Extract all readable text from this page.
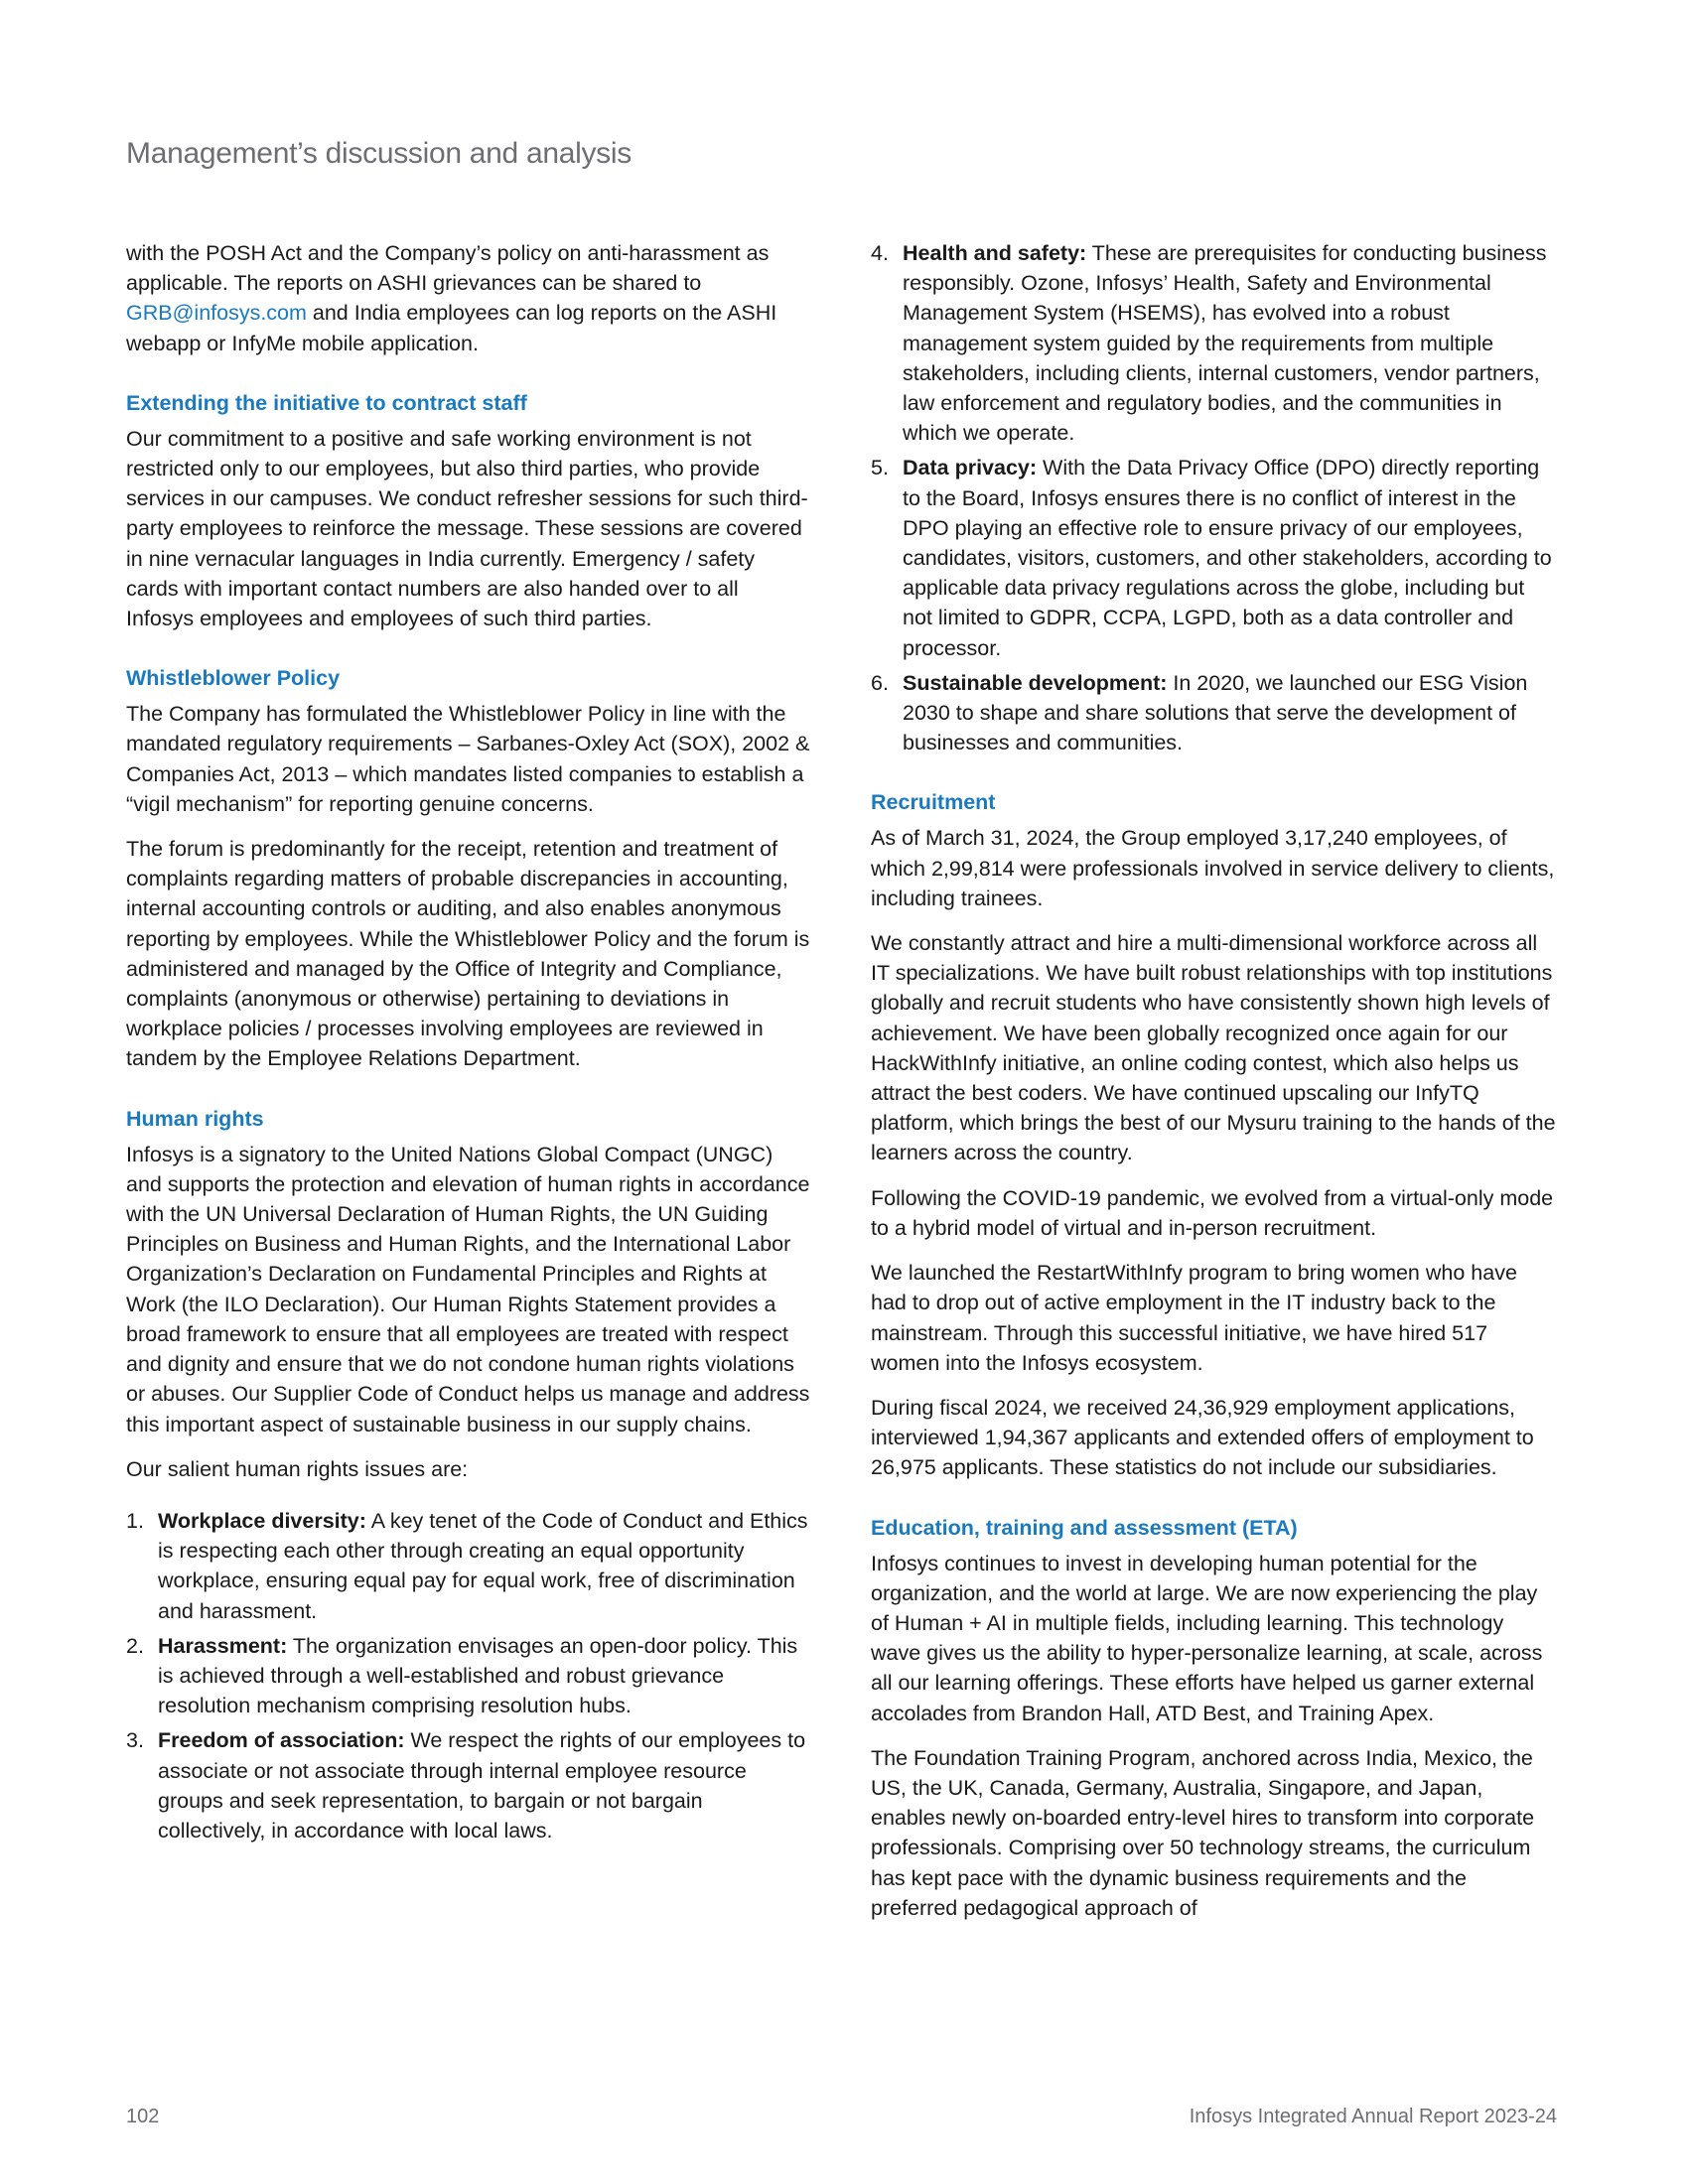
Management’s discussion and analysis

with the POSH Act and the Company’s policy on anti-harassment as applicable. The reports on ASHI grievances can be shared to GRB@infosys.com and India employees can log reports on the ASHI webapp or InfyMe mobile application.

Extending the initiative to contract staff

Our commitment to a positive and safe working environment is not restricted only to our employees, but also third parties, who provide services in our campuses. We conduct refresher sessions for such third-party employees to reinforce the message. These sessions are covered in nine vernacular languages in India currently. Emergency / safety cards with important contact numbers are also handed over to all Infosys employees and employees of such third parties.

Whistleblower Policy

The Company has formulated the Whistleblower Policy in line with the mandated regulatory requirements – Sarbanes-Oxley Act (SOX), 2002 & Companies Act, 2013 – which mandates listed companies to establish a “vigil mechanism” for reporting genuine concerns.

The forum is predominantly for the receipt, retention and treatment of complaints regarding matters of probable discrepancies in accounting, internal accounting controls or auditing, and also enables anonymous reporting by employees. While the Whistleblower Policy and the forum is administered and managed by the Office of Integrity and Compliance, complaints (anonymous or otherwise) pertaining to deviations in workplace policies / processes involving employees are reviewed in tandem by the Employee Relations Department.

Human rights

Infosys is a signatory to the United Nations Global Compact (UNGC) and supports the protection and elevation of human rights in accordance with the UN Universal Declaration of Human Rights, the UN Guiding Principles on Business and Human Rights, and the International Labor Organization’s Declaration on Fundamental Principles and Rights at Work (the ILO Declaration). Our Human Rights Statement provides a broad framework to ensure that all employees are treated with respect and dignity and ensure that we do not condone human rights violations or abuses. Our Supplier Code of Conduct helps us manage and address this important aspect of sustainable business in our supply chains.

Our salient human rights issues are:

1. Workplace diversity: A key tenet of the Code of Conduct and Ethics is respecting each other through creating an equal opportunity workplace, ensuring equal pay for equal work, free of discrimination and harassment.
2. Harassment: The organization envisages an open-door policy. This is achieved through a well-established and robust grievance resolution mechanism comprising resolution hubs.
3. Freedom of association: We respect the rights of our employees to associate or not associate through internal employee resource groups and seek representation, to bargain or not bargain collectively, in accordance with local laws.
4. Health and safety: These are prerequisites for conducting business responsibly. Ozone, Infosys’ Health, Safety and Environmental Management System (HSEMS), has evolved into a robust management system guided by the requirements from multiple stakeholders, including clients, internal customers, vendor partners, law enforcement and regulatory bodies, and the communities in which we operate.
5. Data privacy: With the Data Privacy Office (DPO) directly reporting to the Board, Infosys ensures there is no conflict of interest in the DPO playing an effective role to ensure privacy of our employees, candidates, visitors, customers, and other stakeholders, according to applicable data privacy regulations across the globe, including but not limited to GDPR, CCPA, LGPD, both as a data controller and processor.
6. Sustainable development: In 2020, we launched our ESG Vision 2030 to shape and share solutions that serve the development of businesses and communities.
Recruitment

As of March 31, 2024, the Group employed 3,17,240 employees, of which 2,99,814 were professionals involved in service delivery to clients, including trainees.

We constantly attract and hire a multi-dimensional workforce across all IT specializations. We have built robust relationships with top institutions globally and recruit students who have consistently shown high levels of achievement. We have been globally recognized once again for our HackWithInfy initiative, an online coding contest, which also helps us attract the best coders. We have continued upscaling our InfyTQ platform, which brings the best of our Mysuru training to the hands of the learners across the country.

Following the COVID-19 pandemic, we evolved from a virtual-only mode to a hybrid model of virtual and in-person recruitment.

We launched the RestartWithInfy program to bring women who have had to drop out of active employment in the IT industry back to the mainstream. Through this successful initiative, we have hired 517 women into the Infosys ecosystem.

During fiscal 2024, we received 24,36,929 employment applications, interviewed 1,94,367 applicants and extended offers of employment to 26,975 applicants. These statistics do not include our subsidiaries.

Education, training and assessment (ETA)

Infosys continues to invest in developing human potential for the organization, and the world at large. We are now experiencing the play of Human + AI in multiple fields, including learning. This technology wave gives us the ability to hyper-personalize learning, at scale, across all our learning offerings. These efforts have helped us garner external accolades from Brandon Hall, ATD Best, and Training Apex.

The Foundation Training Program, anchored across India, Mexico, the US, the UK, Canada, Germany, Australia, Singapore, and Japan, enables newly on-boarded entry-level hires to transform into corporate professionals. Comprising over 50 technology streams, the curriculum has kept pace with the dynamic business requirements and the preferred pedagogical approach of

102	Infosys Integrated Annual Report 2023-24
